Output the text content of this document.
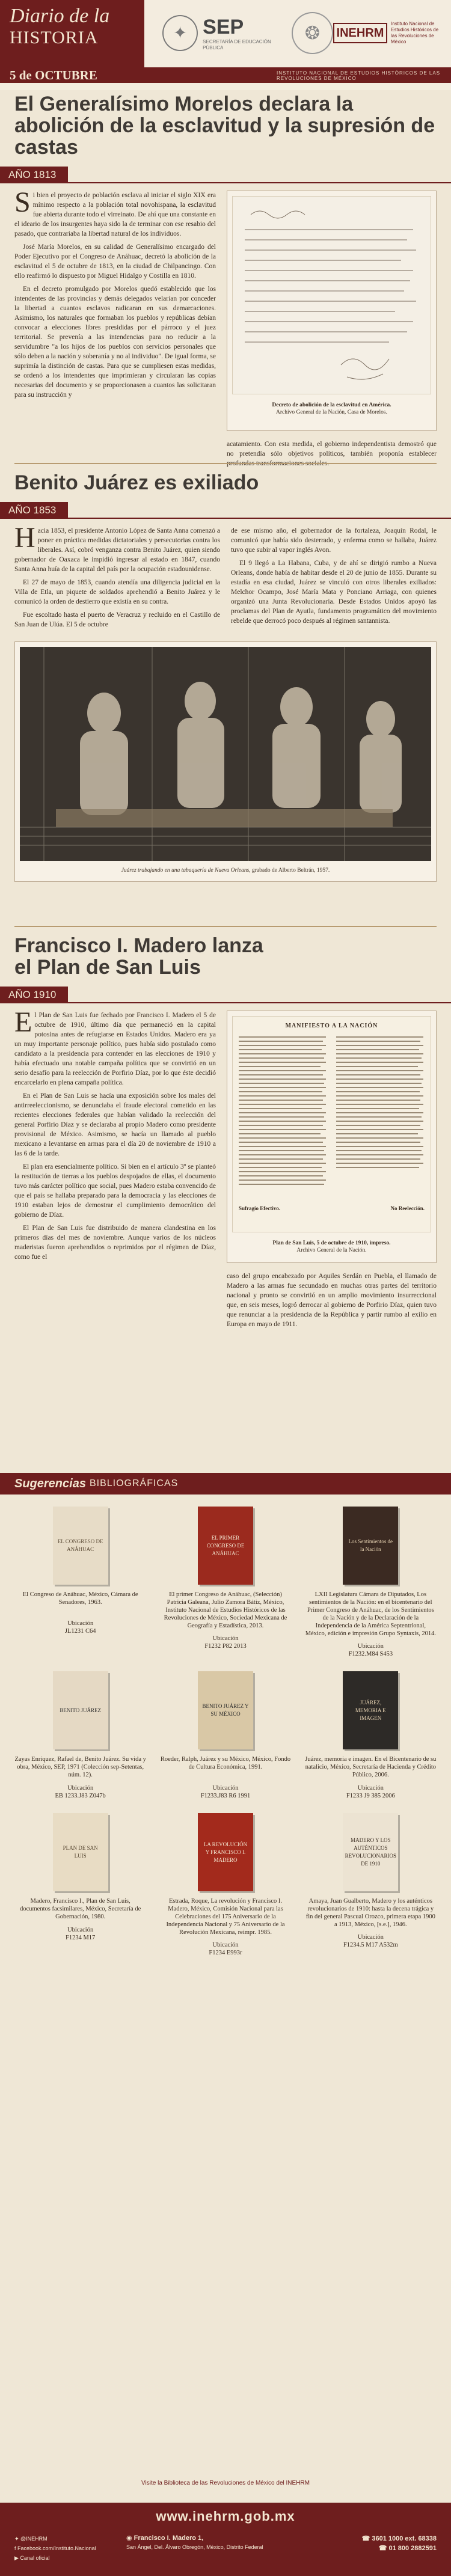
Diario de la
HISTORIA	✦ SEP
SECRETARÍA DE EDUCACIÓN PÚBLICA
❂	INEHRM
Instituto Nacional de Estudios Históricos de las Revoluciones de México
5 de OCTUBRE	INSTITUTO NACIONAL DE ESTUDIOS HISTÓRICOS DE LAS REVOLUCIONES DE MÉXICO
El Generalísimo Morelos declara la abolición de la esclavitud y la supresión de castas
AÑO 1813

Si bien el proyecto de población esclava al iniciar el siglo XIX era mínimo respecto a la población total novohispana, la esclavitud fue abierta durante todo el virreinato. De ahí que una constante en el ideario de los insurgentes haya sido la de terminar con ese resabio del pasado, que contrariaba la libertad natural de los individuos.

José María Morelos, en su calidad de Generalísimo encargado del Poder Ejecutivo por el Congreso de Anáhuac, decretó la abolición de la esclavitud el 5 de octubre de 1813, en la ciudad de Chilpancingo. Con ello reafirmó lo dispuesto por Miguel Hidalgo y Costilla en 1810.

En el decreto promulgado por Morelos quedó establecido que los intendentes de las provincias y demás delegados velarían por conceder la libertad a cuantos esclavos radicaran en sus demarcaciones. Asimismo, los naturales que formaban los pueblos y repúblicas debían convocar a elecciones libres presididas por el párroco y el juez territorial. Se prevenía a las intendencias para no reducir a la servidumbre "a los hijos de los pueblos con servicios personales que sólo deben a la nación y soberanía y no al individuo". De igual forma, se suprimía la distinción de castas. Para que se cumpliesen estas medidas, se ordenó a los intendentes que imprimieran y circularan las copias necesarias del documento y se proporcionasen a cuantos las solicitaran para su instrucción y

Decreto de abolición de la esclavitud en América.
Archivo General de la Nación, Casa de Morelos.

acatamiento. Con esta medida, el gobierno independentista demostró que no pretendía sólo objetivos políticos, también proponía establecer

Benito Juárez es exiliado
AÑO 1853

Hacia 1853, el presidente Antonio López de Santa Anna comenzó a poner en práctica medidas dictatoriales y persecutorias contra los liberales. Así, cobró venganza contra Benito Juárez, quien siendo gobernador de Oaxaca le impidió ingresar al estado en 1847, cuando Santa Anna huía de la capital del país por la ocupación estadounidense.

El 27 de mayo de 1853, cuando atendía una diligencia judicial en la Villa de Etla, un piquete de soldados aprehendió a Benito Juárez y le comunicó la orden de destierro que existía en su contra.

Fue escoltado hasta el puerto de Veracruz y recluido en el Castillo de San Juan de Ulúa. El 5 de octubre

de ese mismo año, el gobernador de la fortaleza, Joaquín Rodal, le comunicó que había sido desterrado, y enferma como se hallaba, Juárez tuvo que subir al vapor inglés Avon.

El 9 llegó a La Habana, Cuba, y de ahí se dirigió rumbo a Nueva Orleans, donde había de habitar desde el 20 de junio de 1855. Durante su estadía en esa ciudad, Juárez se vinculó con otros liberales exiliados: Melchor Ocampo, José María Mata y Ponciano Arriaga, con quienes organizó una Junta Revolucionaria. Desde Estados Unidos apoyó las proclamas del Plan de Ayutla, fundamento programático del movimiento rebelde que derrocó poco después al régimen santannista.

Juárez trabajando en una tabaquería de Nueva Orleans, grabado de Alberto Beltrán, 1957.
Francisco I. Madero lanza
el Plan de San Luis
AÑO 1910

El Plan de San Luis fue fechado por Francisco I. Madero el 5 de octubre de 1910, último día que permaneció en la capital potosina antes de refugiarse en Estados Unidos. Madero era ya un muy importante personaje político, pues había sido postulado como candidato a la presidencia para contender en las elecciones de 1910 y había efectuado una notable campaña política que se convirtió en un serio desafío para la reelección de Porfirio Díaz, por lo que éste decidió encarcelarlo en plena campaña política.

En el Plan de San Luis se hacía una exposición sobre los males del antirreeleccionismo, se denunciaba el fraude electoral cometido en las recientes elecciones federales que habían validado la reelección del general Porfirio Díaz y se declaraba al propio Madero como presidente provisional de México. Asimismo, se hacía un llamado al pueblo mexicano a levantarse en armas para el día 20 de noviembre de 1910 a las 6 de la tarde.

El plan era esencialmente político. Si bien en el artículo 3º se planteó la restitución de tierras a los pueblos despojados de ellas, el documento tuvo más carácter político que social, pues Madero estaba convencido de que el país se hallaba preparado para la democracia y las elecciones de 1910 estaban lejos de demostrar el cumplimiento democrático del gobierno de Díaz.

El Plan de San Luis fue distribuido de manera clandestina en los primeros días del mes de noviembre. Aunque varios de los núcleos maderistas fueron aprehendidos o reprimidos por el régimen de Díaz, como fue el

MANIFIESTO A LA NACIÓN
Sufragio Efectivo.	No Reelección.
Plan de San Luis, 5 de octubre de 1910, impreso.
Archivo General de la Nación.

caso del grupo encabezado por Aquiles Serdán en Puebla, el llamado de Madero a las armas fue secundado en muchas otras partes del territorio nacional y pronto se convirtió en un amplio movimiento insurreccional que, en seis meses, logró derrocar al gobierno de Porfirio Díaz, quien tuvo que renunciar a la presidencia de la República y partir rumbo al exilio en Europa en mayo de 1911.

Sugerencias BIBLIOGRÁFICAS
EL CONGRESO DE ANÁHUAC
El Congreso de Anáhuac, México, Cámara de Senadores, 1963.
Ubicación
JL1231 C64
EL PRIMER CONGRESO DE ANÁHUAC
El primer Congreso de Anáhuac, (Selección) Patricia Galeana, Julio Zamora Bátiz, México, Instituto Nacional de Estudios Históricos de las Revoluciones de México, Sociedad Mexicana de Geografía y Estadística, 2013.
Ubicación
F1232 P82 2013
Los Sentimientos de la Nación
LXII Legislatura Cámara de Diputados, Los sentimientos de la Nación: en el bicentenario del Primer Congreso de Anáhuac, de los Sentimientos de la Nación y de la Declaración de la Independencia de la América Septentrional, México, edición e impresión Grupo Syntaxis, 2014.
Ubicación
F1232.M84 S453
BENITO JUÁREZ
Zayas Enríquez, Rafael de, Benito Juárez. Su vida y obra, México, SEP, 1971 (Colección sep-Setentas, núm. 12).
Ubicación
EB 1233.J83 Z047b
BENITO JUÁREZ Y SU MÉXICO
Roeder, Ralph, Juárez y su México, México, Fondo de Cultura Económica, 1991.
Ubicación
F1233.J83 R6 1991
JUÁREZ, MEMORIA E IMAGEN
Juárez, memoria e imagen. En el Bicentenario de su natalicio, México, Secretaría de Hacienda y Crédito Público, 2006.
Ubicación
F1233 J9 385 2006
PLAN DE SAN LUIS
Madero, Francisco I., Plan de San Luis, documentos facsimilares, México, Secretaría de Gobernación, 1980.
Ubicación
F1234 M17
LA REVOLUCIÓN Y FRANCISCO I. MADERO
Estrada, Roque, La revolución y Francisco I. Madero, México, Comisión Nacional para las Celebraciones del 175 Aniversario de la Independencia Nacional y 75 Aniversario de la Revolución Mexicana, reimpr. 1985.
Ubicación
F1234 E993r
MADERO Y LOS AUTÉNTICOS REVOLUCIONARIOS DE 1910
Amaya, Juan Gualberto, Madero y los auténticos revolucionarios de 1910: hasta la decena trágica y fin del general Pascual Orozco, primera etapa 1900 a 1913, México, [s.e.], 1946.
Ubicación
F1234.5 M17 A532m
Visite la Biblioteca de las Revoluciones de México del INEHRM
www.inehrm.gob.mx
✦ @INEHRM
f Facebook.com/Instituto.Nacional
▶ Canal oficial
◉ Francisco I. Madero 1,
San Ángel, Del. Álvaro Obregón, México, Distrito Federal
☎ 3601 1000 ext. 68338
☎ 01 800 2882591
